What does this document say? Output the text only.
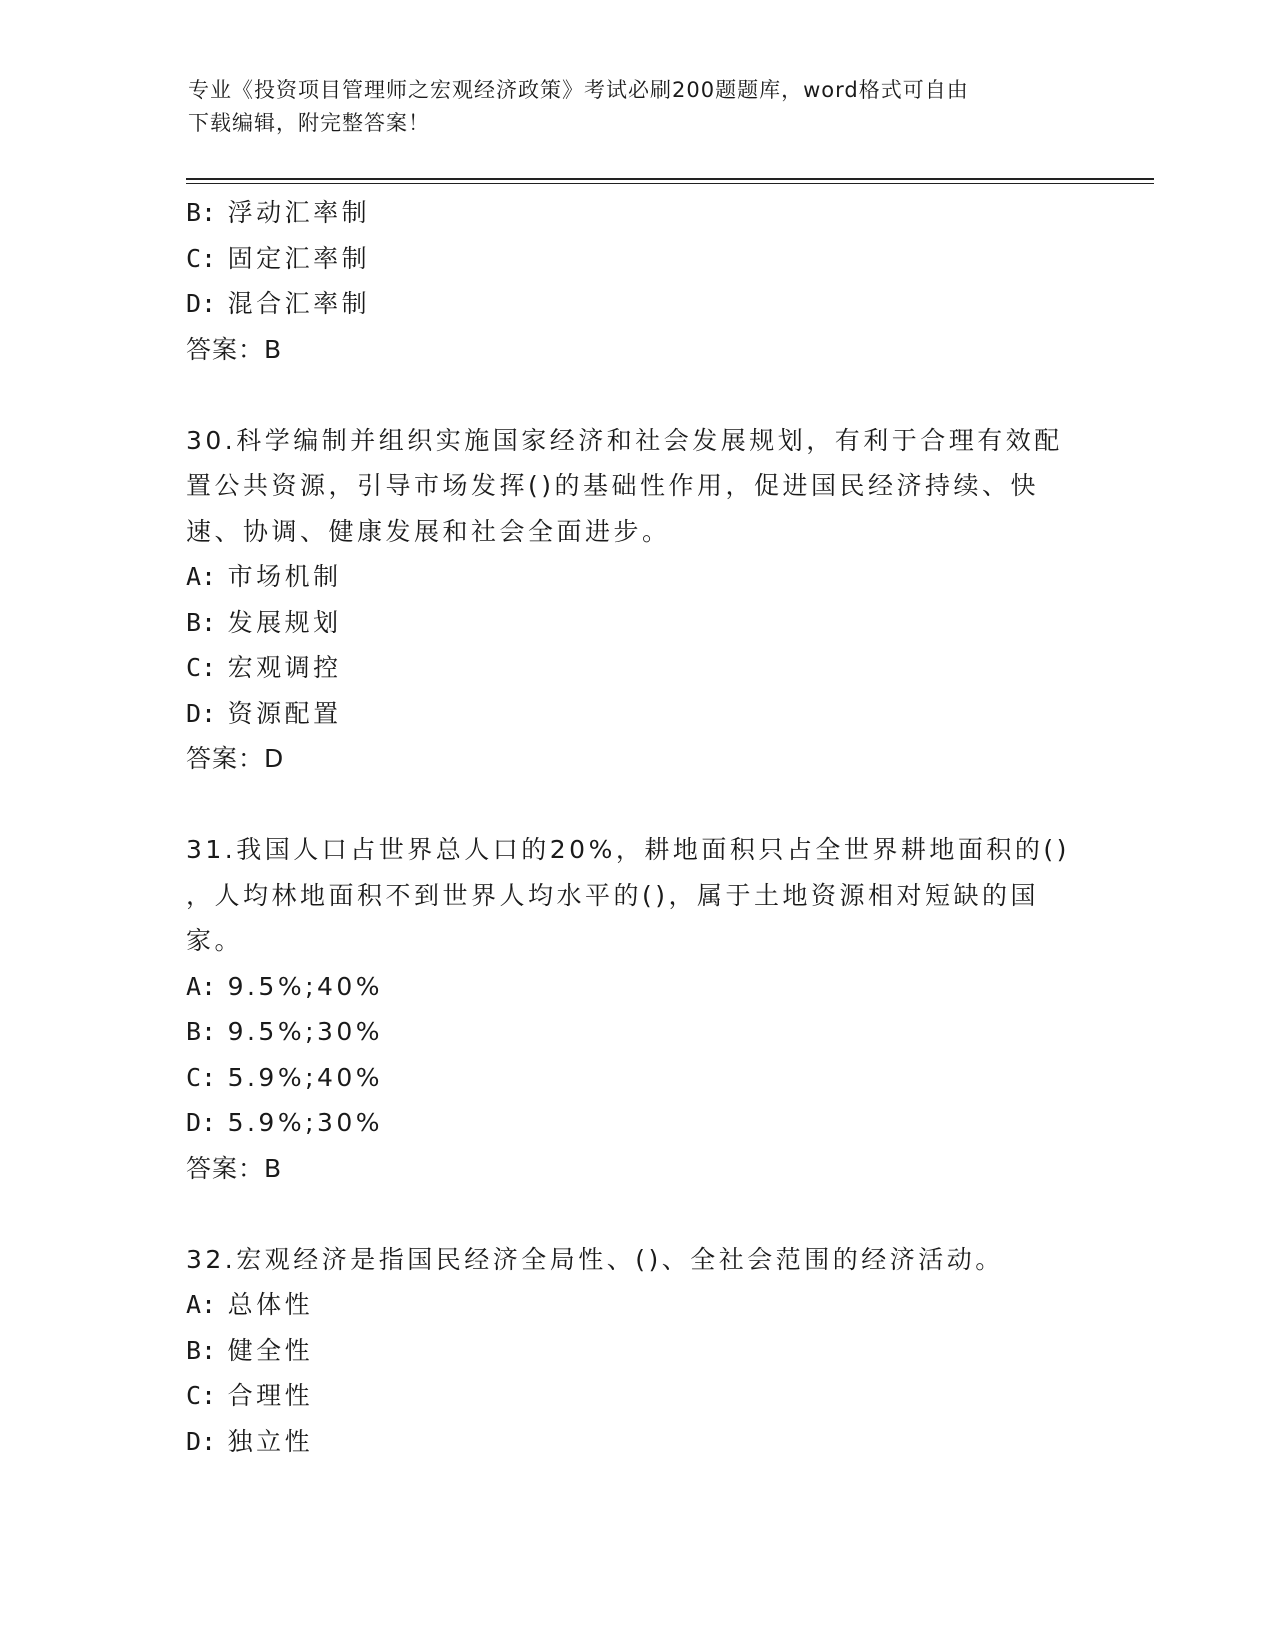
专业《投资项目管理师之宏观经济政策》考试必刷200题题库，word格式可自由
下载编辑，附完整答案！
B: 浮动汇率制
C: 固定汇率制
D: 混合汇率制
答案：B
30.科学编制并组织实施国家经济和社会发展规划，有利于合理有效配
置公共资源，引导市场发挥()的基础性作用，促进国民经济持续、快
速、协调、健康发展和社会全面进步。
A: 市场机制
B: 发展规划
C: 宏观调控
D: 资源配置
答案：D
31.我国人口占世界总人口的20%，耕地面积只占全世界耕地面积的()
，人均林地面积不到世界人均水平的()，属于土地资源相对短缺的国
家。
A: 9.5%;40%
B: 9.5%;30%
C: 5.9%;40%
D: 5.9%;30%
答案：B
32.宏观经济是指国民经济全局性、()、全社会范围的经济活动。
A: 总体性
B: 健全性
C: 合理性
D: 独立性
